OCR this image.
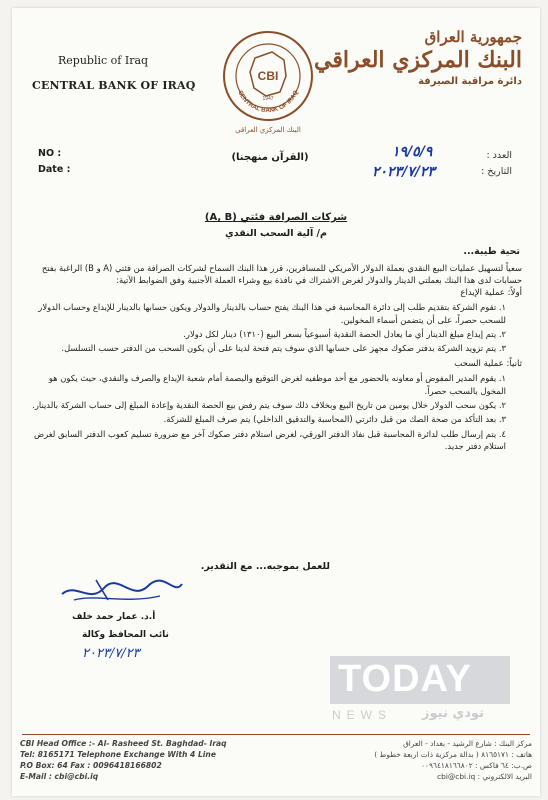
Republic of Iraq
CENTRAL BANK OF IRAQ
CBI
1947
CENTRAL BANK OF IRAQ
البنك المركزي العراقي
(القرآن منهجنا)
جمهورية العراق
البنك المركزي العراقي
دائرة مراقبة الصيرفة
NO :
Date :
العدد :
التاريخ :
١٩/٥/٩
٢٠٢٣/٧/٢٣
شركات الصرافة فئتي (A, B)
م/ آلية السحب النقدي
تحية طيبة...
سعياً لتسهيل عمليات البيع النقدي بعملة الدولار الأمريكي للمسافرين، قرر هذا البنك السماح لشركات الصرافة من فئتي (A و B) الراغبة بفتح حسابات لدى هذا البنك بعملتي الدينار والدولار لغرض الاشتراك في نافذة بيع وشراء العملة الأجنبية وفق الضوابط الآتية:
أولاً: عملية الإيداع
١. تقوم الشركة بتقديم طلب إلى دائرة المحاسبة في هذا البنك يفتح حساب بالدينار والدولار ويكون حسابها بالدينار للإيداع وحساب الدولار للسحب حصراً، على أن يتضمن أسماء المخولين.
٢. يتم إيداع مبلغ الدينار أي ما يعادل الحصة النقدية أسبوعياً بسعر البيع (١٣١٠) دينار لكل دولار.
٣. يتم تزويد الشركة بدفتر صكوك مجهز على حسابها الذي سوف يتم فتحة لدينا على أن يكون السحب من الدفتر حسب التسلسل.
ثانياً: عملية السحب
١. يقوم المدير المفوض أو معاونه بالحضور مع أحد موظفيه لغرض التوقيع والبصمة أمام شعبة الإيداع والصرف والنقدي، حيث يكون هو المخول بالسحب حصراً.
٢. يكون سحب الدولار خلال يومين من تاريخ البيع وبخلاف ذلك سوف يتم رفض بيع الحصة النقدية وإعادة المبلغ إلى حساب الشركة بالدينار.
٣. بعد التأكد من صحة الصك من قبل دائرتي (المحاسبة والتدقيق الداخلي) يتم صرف المبلغ للشركة.
٤. يتم إرسال طلب لدائرة المحاسبة قبل نفاذ الدفتر الورقي، لغرض استلام دفتر صكوك آخر مع ضرورة تسليم كعوب الدفتر السابق لغرض استلام دفتر جديد.
للعمل بموجبه... مع التقدير.
أ.د. عمار حمد خلف
نائب المحافظ وكالة
٢٠٢٣/٧/٢٣
TODAY
NEWS تودي نيوز
CBI Head Office :- Al- Rasheed St. Baghdad- Iraq
Tel: 8165171 Telephone Exchange With 4 Line
P.O Box: 64 Fax : 0096418166802
E-Mail : cbi@cbi.iq
مركز البنك : شارع الرشيد - بغداد - العراق
هاتف : ٨١٦٥١٧١ ( بدالة مركزية ذات اربعة خطوط )
ص.ب: ٦٤ فاكس : ٠٠٩٦٤١٨١٦٦٨٠٢
البريد الالكتروني : cbi@cbi.iq
